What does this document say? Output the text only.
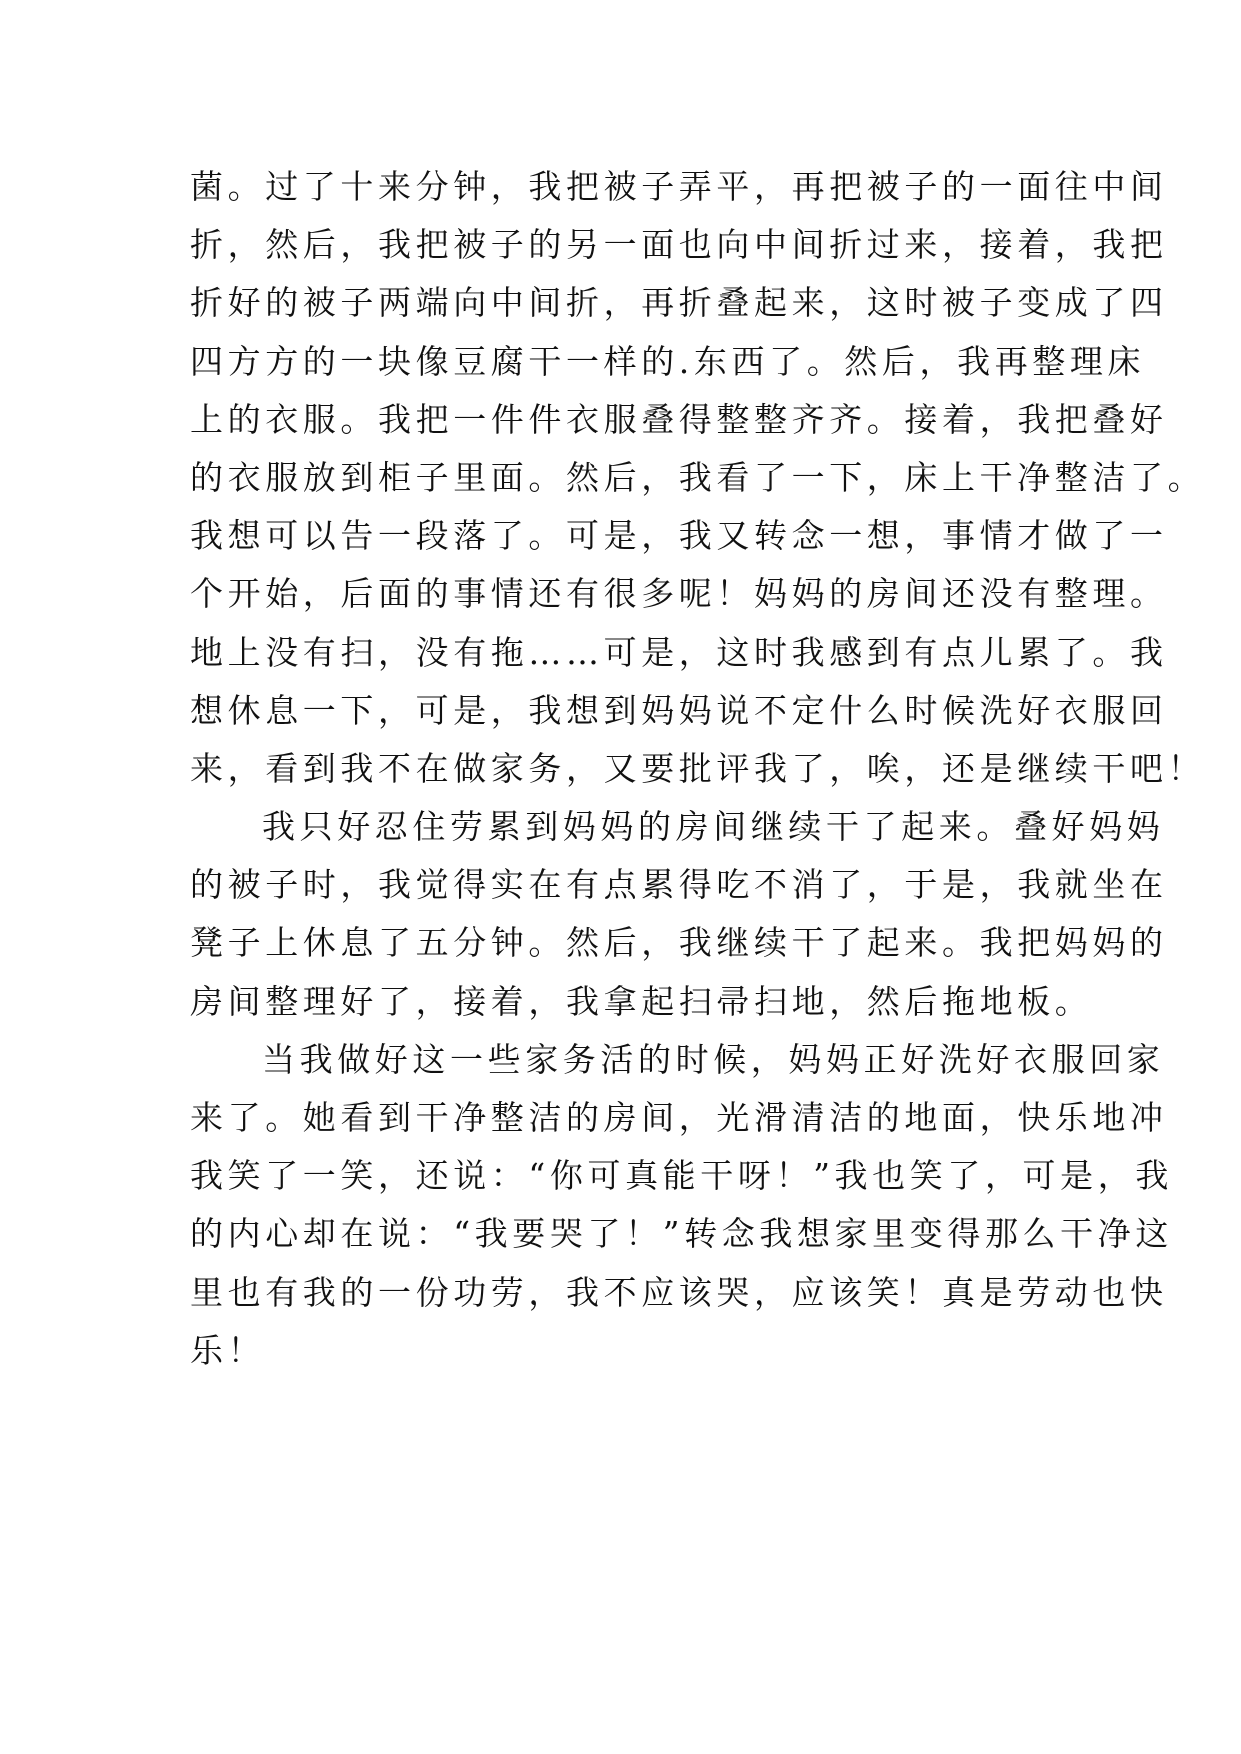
菌。过了十来分钟，我把被子弄平，再把被子的一面往中间
折，然后，我把被子的另一面也向中间折过来，接着，我把
折好的被子两端向中间折，再折叠起来，这时被子变成了四
四方方的一块像豆腐干一样的.东西了。然后，我再整理床
上的衣服。我把一件件衣服叠得整整齐齐。接着，我把叠好
的衣服放到柜子里面。然后，我看了一下，床上干净整洁了。
我想可以告一段落了。可是，我又转念一想，事情才做了一
个开始，后面的事情还有很多呢！妈妈的房间还没有整理。
地上没有扫，没有拖……可是，这时我感到有点儿累了。我
想休息一下，可是，我想到妈妈说不定什么时候洗好衣服回
来，看到我不在做家务，又要批评我了，唉，还是继续干吧！
我只好忍住劳累到妈妈的房间继续干了起来。叠好妈妈
的被子时，我觉得实在有点累得吃不消了，于是，我就坐在
凳子上休息了五分钟。然后，我继续干了起来。我把妈妈的
房间整理好了，接着，我拿起扫帚扫地，然后拖地板。
当我做好这一些家务活的时候，妈妈正好洗好衣服回家
来了。她看到干净整洁的房间，光滑清洁的地面，快乐地冲
我笑了一笑，还说：“你可真能干呀！”我也笑了，可是，我
的内心却在说：“我要哭了！”转念我想家里变得那么干净这
里也有我的一份功劳，我不应该哭，应该笑！真是劳动也快
乐！
